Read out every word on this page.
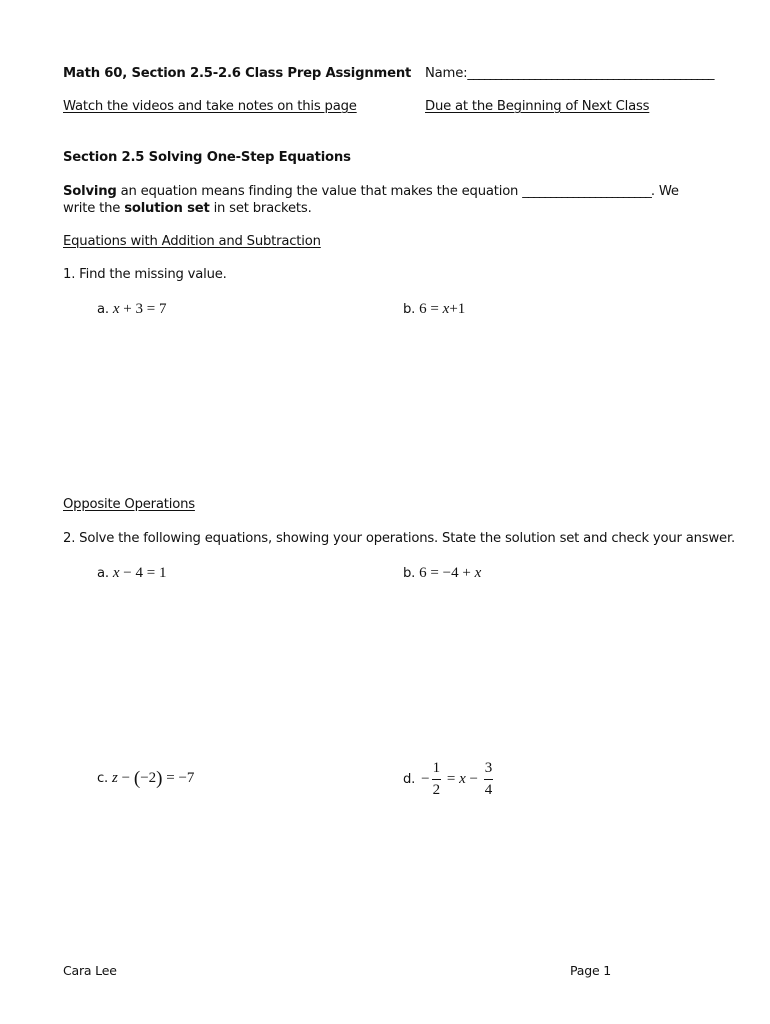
Math 60, Section 2.5-2.6 Class Prep Assignment Name:____________________________________________
Watch the videos and take notes on this page	Due at the Beginning of Next Class
Section 2.5 Solving One-Step Equations
Solving an equation means finding the value that makes the equation _______________________. We write the solution set in set brackets.
Equations with Addition and Subtraction
1. Find the missing value.
a. x + 3 = 7	b. 6 = x+1
Opposite Operations
2. Solve the following equations, showing your operations. State the solution set and check your answer.
a. x − 4 = 1	b. 6 = −4 + x
c. z − (−2) = −7	d. − $\frac{1}{2} = x - \frac{3}{4}$
Cara Lee	Page 1
